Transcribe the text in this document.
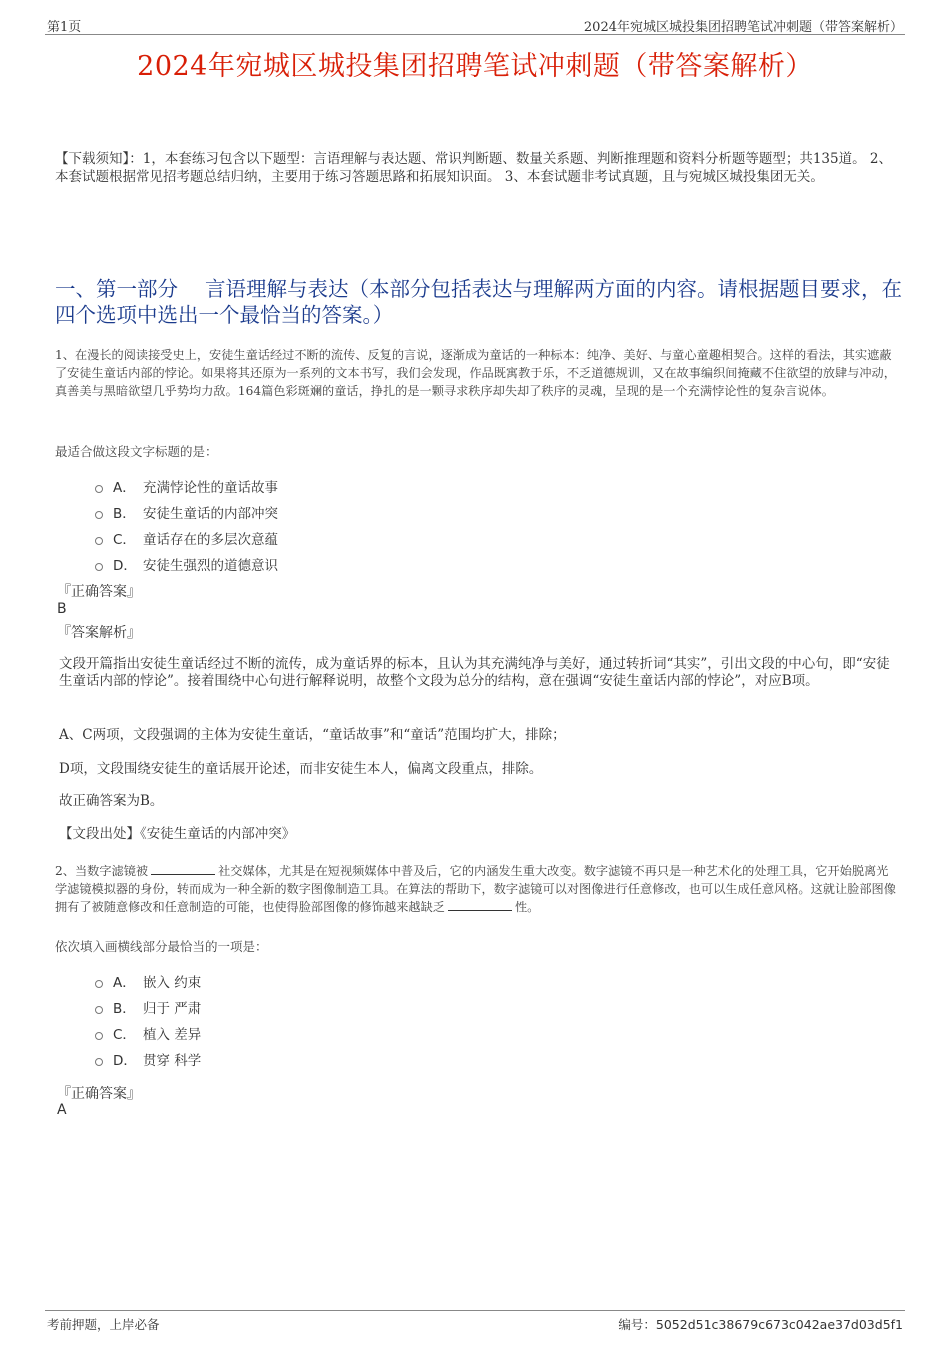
第1页	2024年宛城区城投集团招聘笔试冲刺题（带答案解析）
2024年宛城区城投集团招聘笔试冲刺题（带答案解析）
【下载须知】：1，本套练习包含以下题型：言语理解与表达题、常识判断题、数量关系题、判断推理题和资料分析题等题型；共135道。 2、本套试题根据常见招考题总结归纳，主要用于练习答题思路和拓展知识面。 3、本套试题非考试真题，且与宛城区城投集团无关。
一、第一部分　 言语理解与表达（本部分包括表达与理解两方面的内容。请根据题目要求，在四个选项中选出一个最恰当的答案。）
1、在漫长的阅读接受史上，安徒生童话经过不断的流传、反复的言说，逐渐成为童话的一种标本：纯净、美好、与童心童趣相契合。这样的看法，其实遮蔽了安徒生童话内部的悖论。如果将其还原为一系列的文本书写，我们会发现，作品既寓教于乐，不乏道德规训，又在故事编织间掩藏不住欲望的放肆与冲动，真善美与黑暗欲望几乎势均力敌。164篇色彩斑斓的童话，挣扎的是一颗寻求秩序却失却了秩序的灵魂，呈现的是一个充满悖论性的复杂言说体。
最适合做这段文字标题的是：
A． 充满悖论性的童话故事
B． 安徒生童话的内部冲突
C． 童话存在的多层次意蕴
D． 安徒生强烈的道德意识
『正确答案』
B
『答案解析』
文段开篇指出安徒生童话经过不断的流传，成为童话界的标本，且认为其充满纯净与美好，通过转折词“其实”，引出文段的中心句，即“安徒生童话内部的悖论”。接着围绕中心句进行解释说明，故整个文段为总分的结构，意在强调“安徒生童话内部的悖论”，对应B项。
A、C两项，文段强调的主体为安徒生童话，“童话故事”和“童话”范围均扩大，排除；
D项，文段围绕安徒生的童话展开论述，而非安徒生本人，偏离文段重点，排除。
故正确答案为B。
【文段出处】《安徒生童话的内部冲突》
2、当数字滤镜被	社交媒体，尤其是在短视频媒体中普及后，它的内涵发生重大改变。数字滤镜不再只是一种艺术化的处理工具，它开始脱离光学滤镜模拟器的身份，转而成为一种全新的数字图像制造工具。在算法的帮助下，数字滤镜可以对图像进行任意修改，也可以生成任意风格。这就让脸部图像拥有了被随意修改和任意制造的可能，也使得脸部图像的修饰越来越缺乏	性。
依次填入画横线部分最恰当的一项是：
A． 嵌入 约束
B． 归于 严肃
C． 植入 差异
D． 贯穿 科学
『正确答案』
A
考前押题，上岸必备	编号：5052d51c38679c673c042ae37d03d5f1
